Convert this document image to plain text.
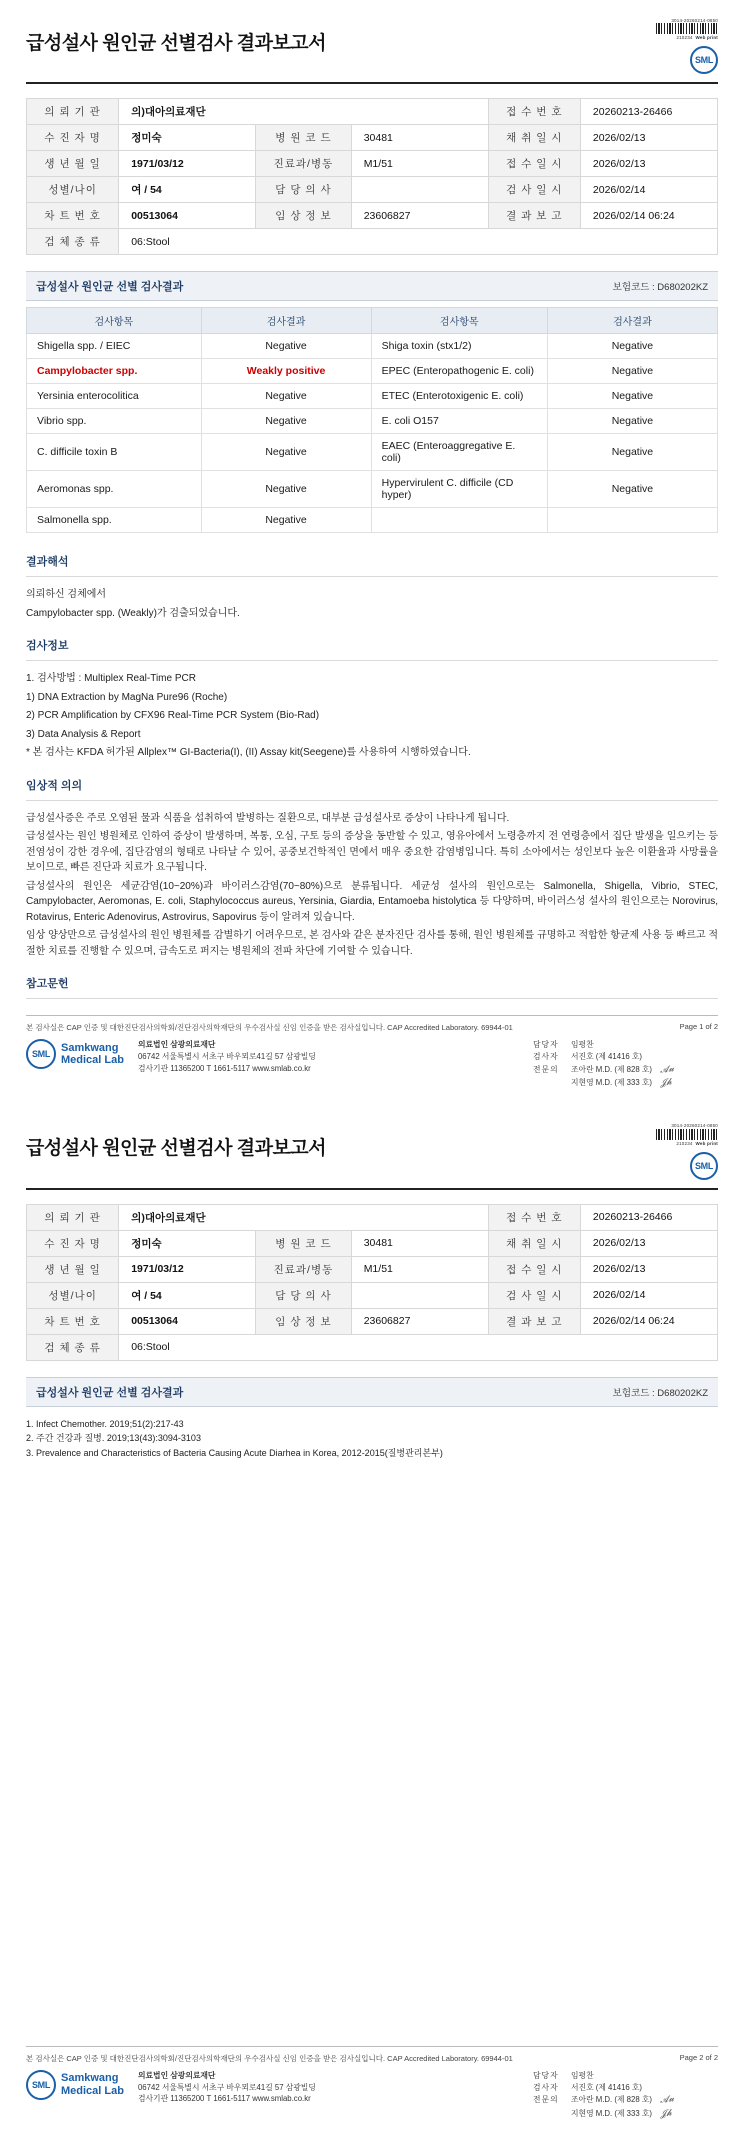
급성설사 원인균 선별검사 결과보고서
3014-20260214-0850
210234 Web print
SML
의 뢰 기 관	의)대아의료재단			접 수 번 호	20260213-26466
수 진 자 명	정미숙	병 원 코 드	30481	채 취 일 시	2026/02/13
생 년 월 일	1971/03/12	진료과/병동	M1/51	접 수 일 시	2026/02/13
성별/나이	여 / 54	담 당 의 사		검 사 일 시	2026/02/14
차 트 번 호	00513064	임 상 정 보	23606827	결 과 보 고	2026/02/14 06:24
검 체 종 류	06:Stool				
급성설사 원인균 선별 검사결과	보험코드 : D680202KZ
검사항목	검사결과	검사항목	검사결과
Shigella spp. / EIEC	Negative	Shiga toxin (stx1/2)	Negative
Campylobacter spp.	Weakly positive	EPEC (Enteropathogenic E. coli)	Negative
Yersinia enterocolitica	Negative	ETEC (Enterotoxigenic E. coli)	Negative
Vibrio spp.	Negative	E. coli O157	Negative
C. difficile toxin B	Negative	EAEC (Enteroaggregative E. coli)	Negative
Aeromonas spp.	Negative	Hypervirulent C. difficile (CD hyper)	Negative
Salmonella spp.	Negative		
결과해석

의뢰하신 검체에서

Campylobacter spp. (Weakly)가 검출되었습니다.

검사정보

1. 검사방법 : Multiplex Real-Time PCR

1) DNA Extraction by MagNa Pure96 (Roche)

2) PCR Amplification by CFX96 Real-Time PCR System (Bio-Rad)

3) Data Analysis & Report

* 본 검사는 KFDA 허가된 Allplex™ GI-Bacteria(I), (II) Assay kit(Seegene)를 사용하여 시행하였습니다.

임상적 의의

급성설사증은 주로 오염된 물과 식품을 섭취하여 발병하는 질환으로, 대부분 급성설사로 증상이 나타나게 됩니다.

급성설사는 원인 병원체로 인하여 증상이 발생하며, 복통, 오심, 구토 등의 증상을 동반할 수 있고, 영유아에서 노령층까지 전 연령층에서 집단 발생을 일으키는 등 전염성이 강한 경우에, 집단감염의 형태로 나타날 수 있어, 공중보건학적인 면에서 매우 중요한 감염병입니다. 특히 소아에서는 성인보다 높은 이환율과 사망률을 보이므로, 빠른 진단과 치료가 요구됩니다.

급성설사의 원인은 세균감염(10~20%)과 바이러스감염(70~80%)으로 분류됩니다. 세균성 설사의 원인으로는 Salmonella, Shigella, Vibrio, STEC, Campylobacter, Aeromonas, E. coli, Staphylococcus aureus, Yersinia, Giardia, Entamoeba histolytica 등 다양하며, 바이러스성 설사의 원인으로는 Norovirus, Rotavirus, Enteric Adenovirus, Astrovirus, Sapovirus 등이 알려져 있습니다.

임상 양상만으로 급성설사의 원인 병원체를 감별하기 어려우므로, 본 검사와 같은 분자진단 검사를 통해, 원인 병원체를 규명하고 적합한 항균제 사용 등 빠르고 적절한 치료를 진행할 수 있으며, 급속도로 퍼지는 병원체의 전파 차단에 기여할 수 있습니다.

참고문헌
본 검사실은 CAP 인증 및 대한진단검사의학회/진단검사의학재단의 우수검사실 신임 인증을 받은 검사실입니다. CAP Accredited Laboratory. 69944-01	Page 1 of 2
SML
Samkwang
Medical Lab
의료법인 삼광의료재단
06742 서울특별시 서초구 바우뫼로41길 57 삼광빌딩
검사기관 11365200 T 1661-5117 www.smlab.co.kr
담당자	임평찬
검사자	서진호 (제 41416 호)
전문의	조아란 M.D. (제 828 호) 𝓐𝓾
지현영 M.D. (제 333 호) 𝓙𝓱
급성설사 원인균 선별검사 결과보고서
3014-20260214-0850
210234 Web print
SML
의 뢰 기 관	의)대아의료재단			접 수 번 호	20260213-26466
수 진 자 명	정미숙	병 원 코 드	30481	채 취 일 시	2026/02/13
생 년 월 일	1971/03/12	진료과/병동	M1/51	접 수 일 시	2026/02/13
성별/나이	여 / 54	담 당 의 사		검 사 일 시	2026/02/14
차 트 번 호	00513064	임 상 정 보	23606827	결 과 보 고	2026/02/14 06:24
검 체 종 류	06:Stool				
급성설사 원인균 선별 검사결과	보험코드 : D680202KZ

1. Infect Chemother. 2019;51(2):217-43

2. 주간 건강과 질병. 2019;13(43):3094-3103

3. Prevalence and Characteristics of Bacteria Causing Acute Diarhea in Korea, 2012-2015(질병관리본부)

본 검사실은 CAP 인증 및 대한진단검사의학회/진단검사의학재단의 우수검사실 신임 인증을 받은 검사실입니다. CAP Accredited Laboratory. 69944-01	Page 2 of 2
SML
Samkwang
Medical Lab
의료법인 삼광의료재단
06742 서울특별시 서초구 바우뫼로41길 57 삼광빌딩
검사기관 11365200 T 1661-5117 www.smlab.co.kr
담당자	임평찬
검사자	서진호 (제 41416 호)
전문의	조아란 M.D. (제 828 호) 𝓐𝓾
지현영 M.D. (제 333 호) 𝓙𝓱
